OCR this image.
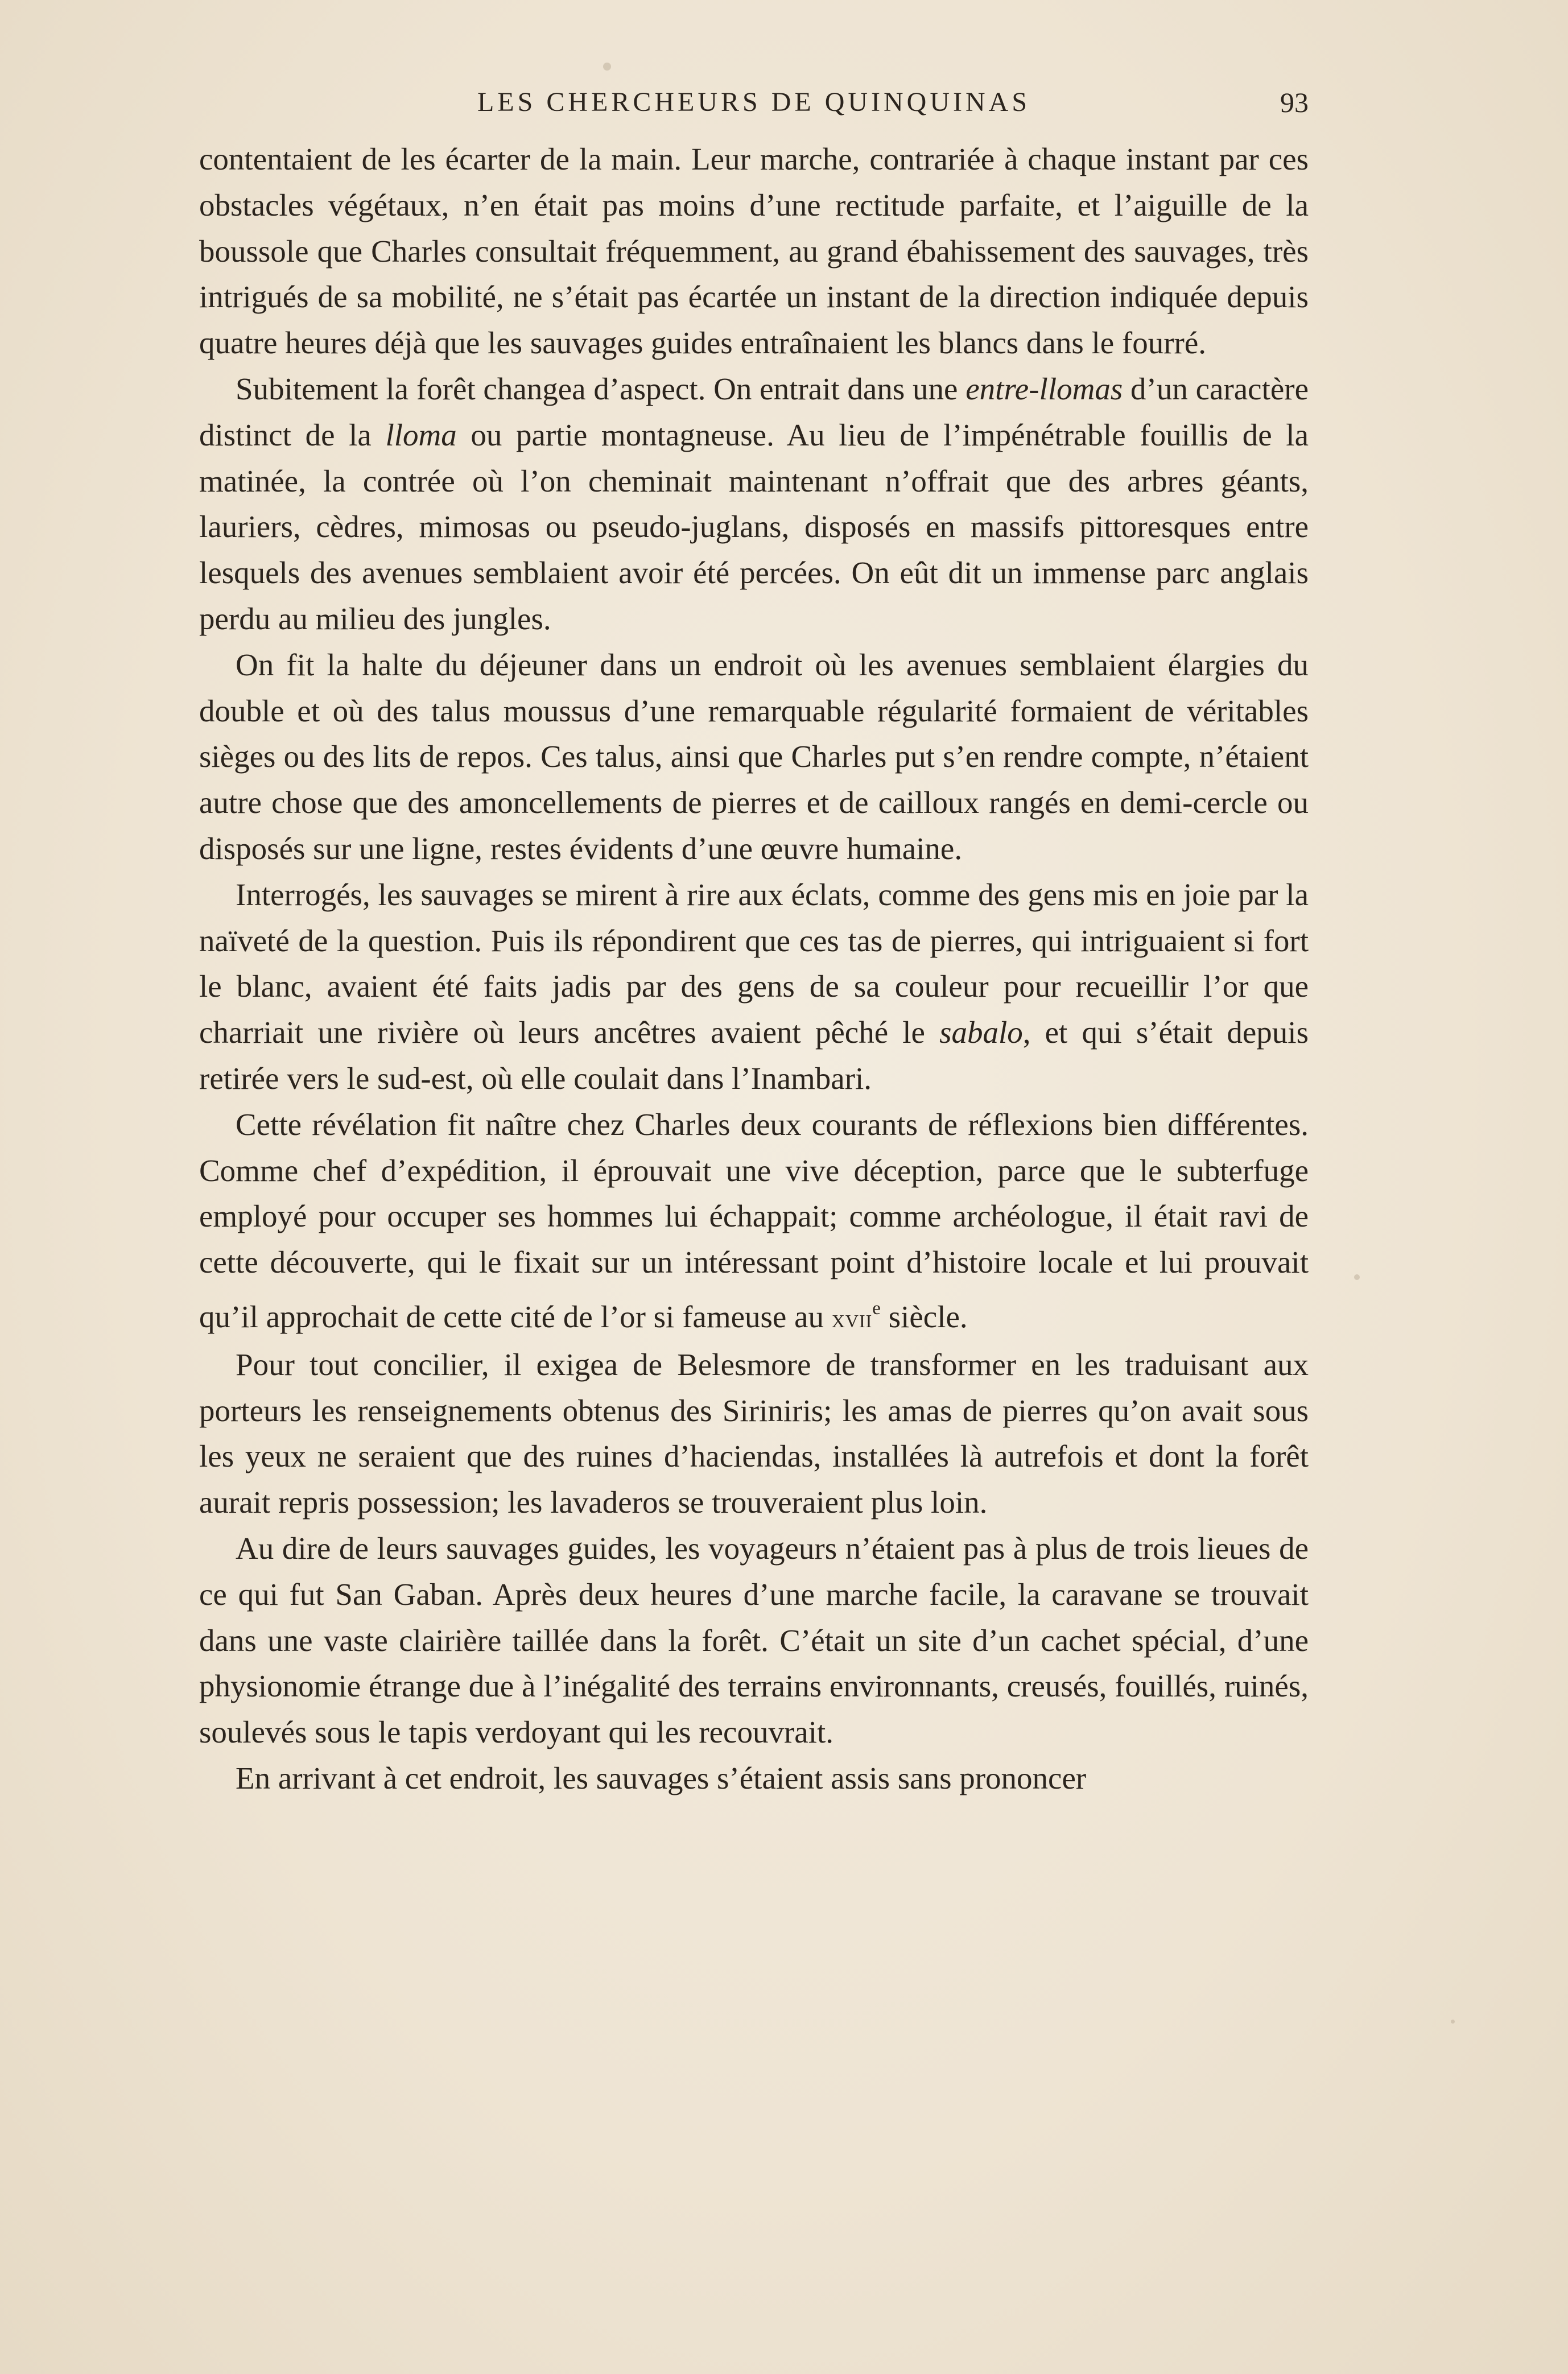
LES CHERCHEURS DE QUINQUINAS	93

contentaient de les écarter de la main. Leur marche, contrariée à chaque instant par ces obstacles végétaux, n’en était pas moins d’une rectitude parfaite, et l’aiguille de la boussole que Charles consultait fréquemment, au grand ébahissement des sauvages, très intrigués de sa mobilité, ne s’était pas écartée un instant de la direction indiquée depuis quatre heures déjà que les sauvages guides entraînaient les blancs dans le fourré.

Subitement la forêt changea d’aspect. On entrait dans une entre-llomas d’un caractère distinct de la lloma ou partie montagneuse. Au lieu de l’impénétrable fouillis de la matinée, la contrée où l’on cheminait maintenant n’offrait que des arbres géants, lauriers, cèdres, mimosas ou pseudo-juglans, disposés en massifs pittoresques entre lesquels des avenues semblaient avoir été percées. On eût dit un immense parc anglais perdu au milieu des jungles.

On fit la halte du déjeuner dans un endroit où les avenues semblaient élargies du double et où des talus moussus d’une remarquable régularité formaient de véritables sièges ou des lits de repos. Ces talus, ainsi que Charles put s’en rendre compte, n’étaient autre chose que des amoncellements de pierres et de cailloux rangés en demi-cercle ou disposés sur une ligne, restes évidents d’une œuvre humaine.

Interrogés, les sauvages se mirent à rire aux éclats, comme des gens mis en joie par la naïveté de la question. Puis ils répondirent que ces tas de pierres, qui intriguaient si fort le blanc, avaient été faits jadis par des gens de sa couleur pour recueillir l’or que charriait une rivière où leurs ancêtres avaient pêché le sabalo, et qui s’était depuis retirée vers le sud-est, où elle coulait dans l’Inambari.

Cette révélation fit naître chez Charles deux courants de réflexions bien différentes. Comme chef d’expédition, il éprouvait une vive déception, parce que le subterfuge employé pour occuper ses hommes lui échappait; comme archéologue, il était ravi de cette découverte, qui le fixait sur un intéressant point d’histoire locale et lui prouvait qu’il approchait de cette cité de l’or si fameuse au xvii$^e$ siècle.

Pour tout concilier, il exigea de Belesmore de transformer en les traduisant aux porteurs les renseignements obtenus des Siriniris; les amas de pierres qu’on avait sous les yeux ne seraient que des ruines d’haciendas, installées là autrefois et dont la forêt aurait repris possession; les lavaderos se trouveraient plus loin.

Au dire de leurs sauvages guides, les voyageurs n’étaient pas à plus de trois lieues de ce qui fut San Gaban. Après deux heures d’une marche facile, la caravane se trouvait dans une vaste clairière taillée dans la forêt. C’était un site d’un cachet spécial, d’une physionomie étrange due à l’inégalité des terrains environnants, creusés, fouillés, ruinés, soulevés sous le tapis verdoyant qui les recouvrait.

En arrivant à cet endroit, les sauvages s’étaient assis sans prononcer
